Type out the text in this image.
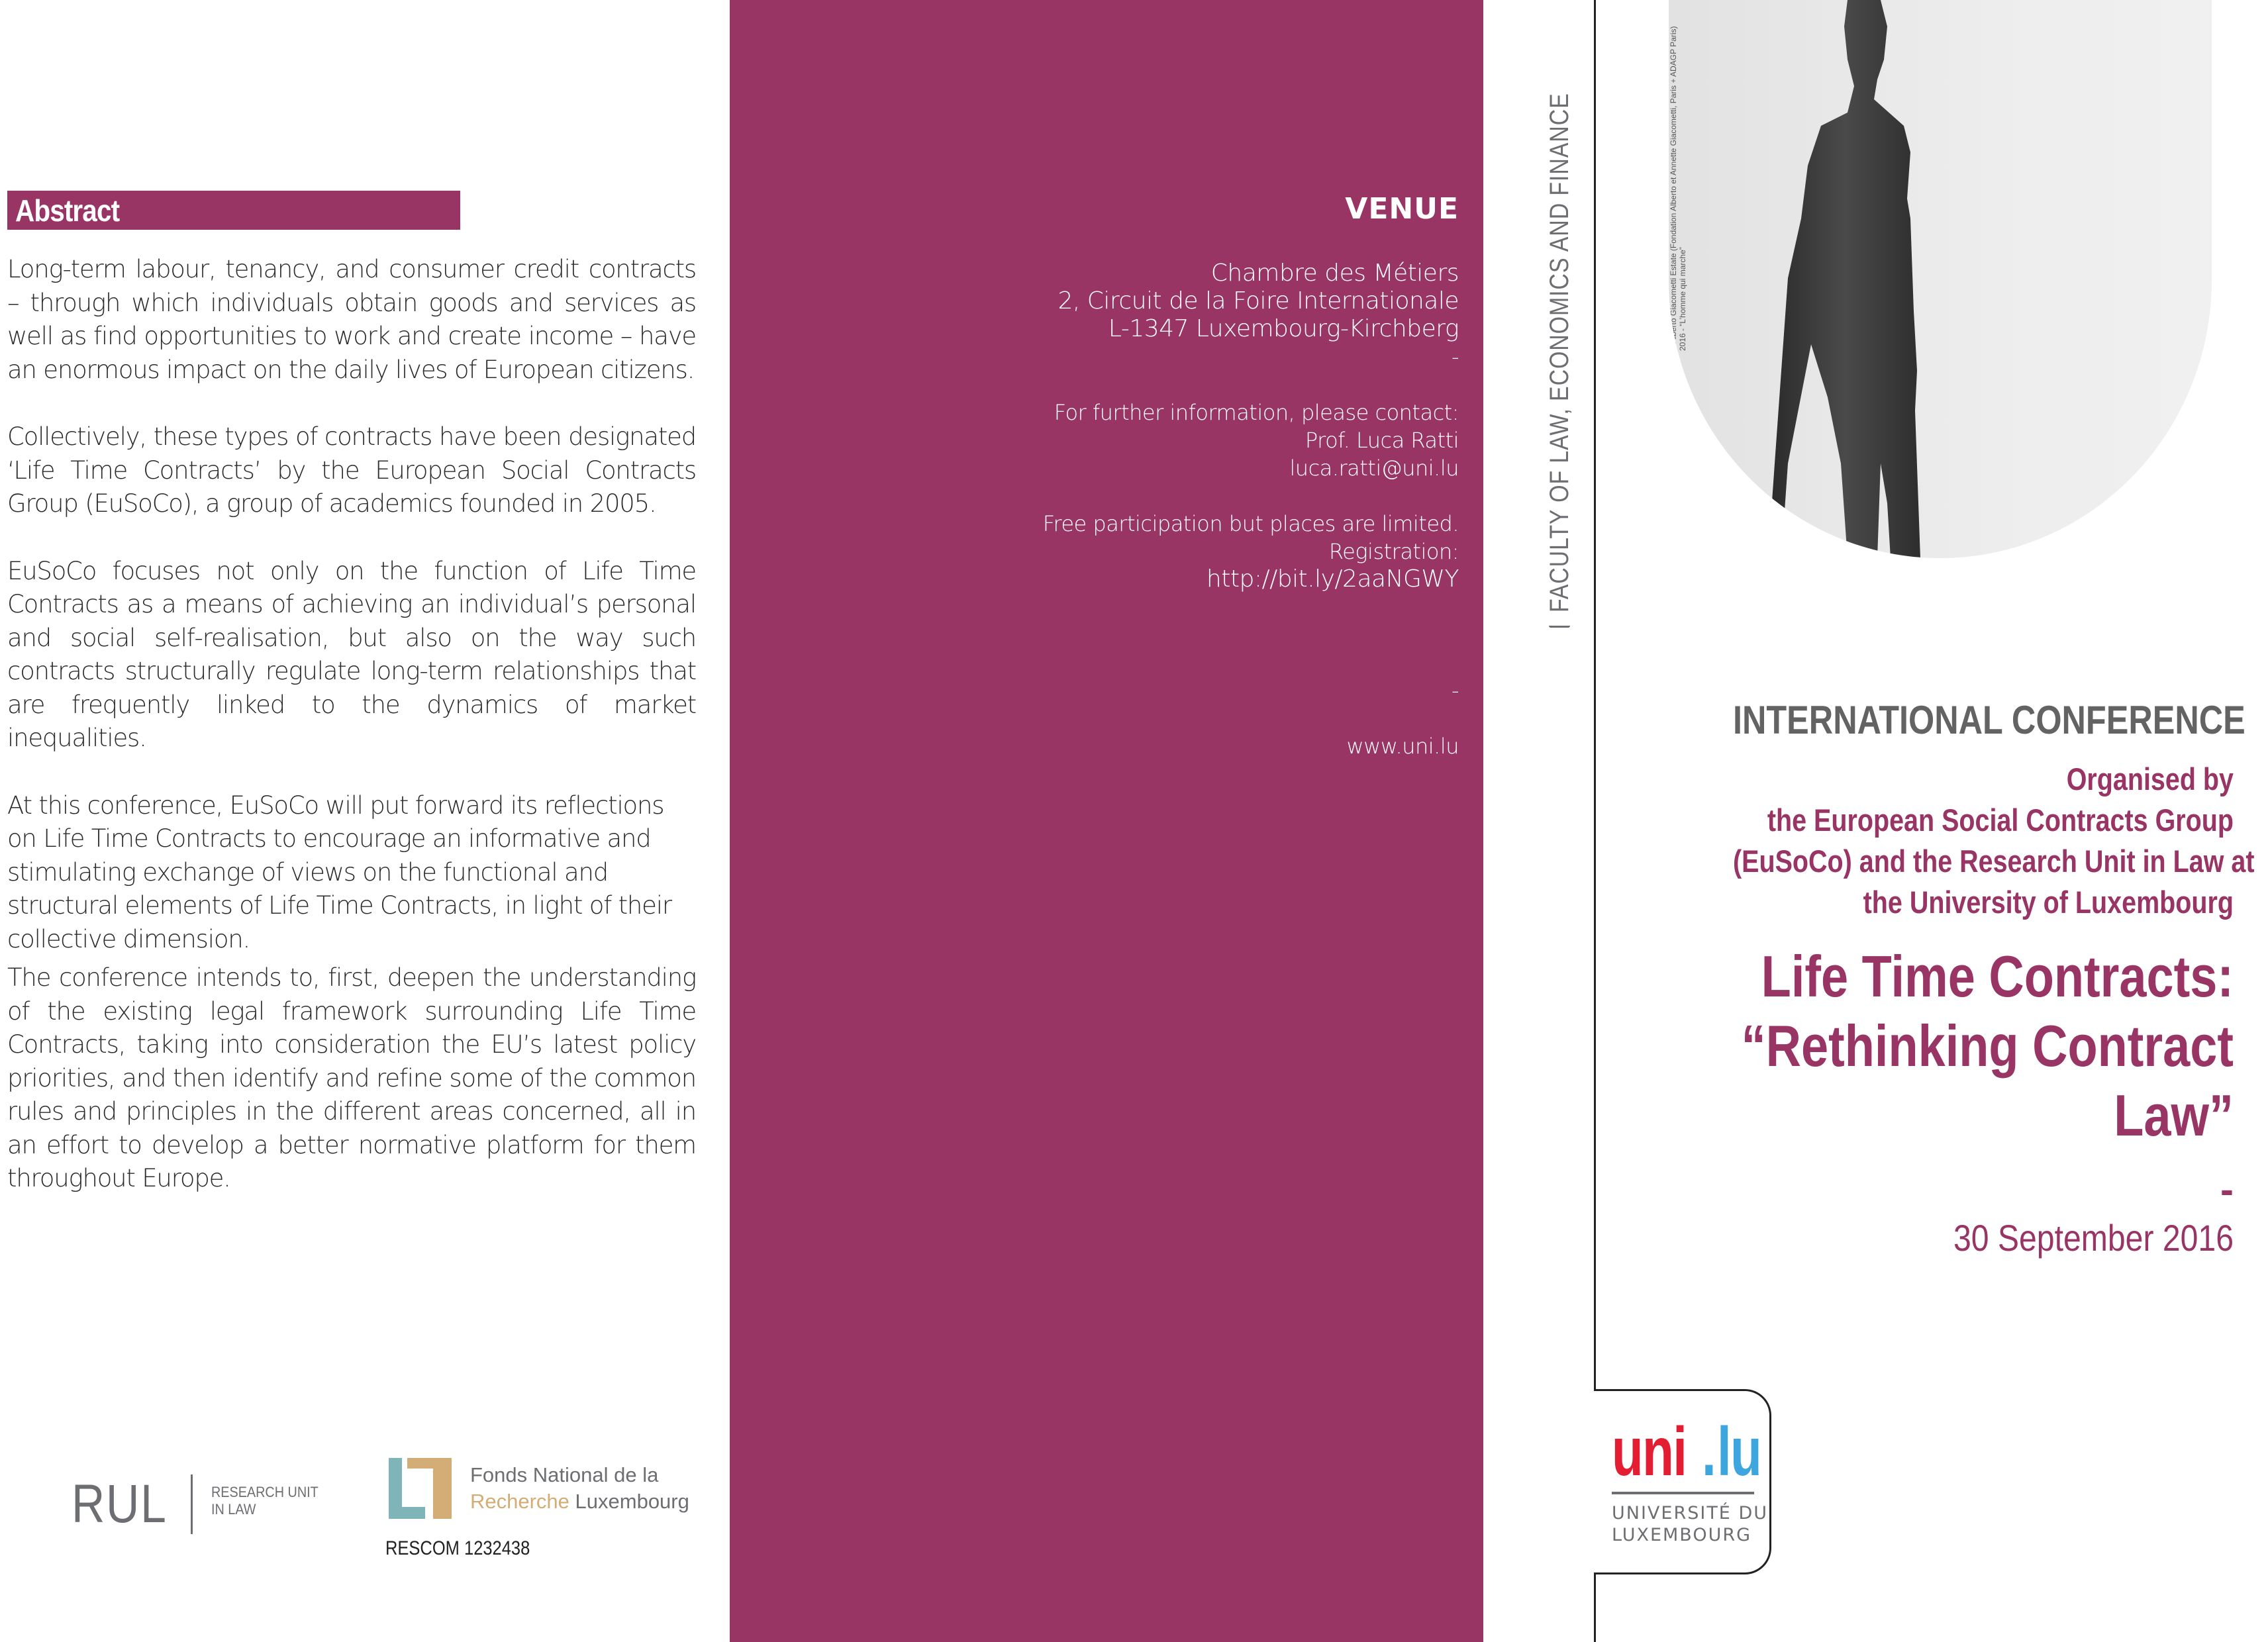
Abstract

Long-term labour, tenancy, and consumer credit contracts – through which individuals obtain goods and services as well as find opportunities to work and create income – have an enormous impact on the daily lives of European citizens.

Collectively, these types of contracts have been designated ‘Life Time Contracts’ by the European Social Contracts Group (EuSoCo), a group of academics founded in 2005.

EuSoCo focuses not only on the function of Life Time Contracts as a means of achieving an individual’s personal and social self-realisation, but also on the way such contracts structurally regulate long-term relationships that are frequently linked to the dynamics of market inequalities.

At this conference, EuSoCo will put forward its reflections on Life Time Contracts to encourage an informative and stimulating exchange of views on the functional and structural elements of Life Time Contracts, in light of their collective dimension.

The conference intends to, first, deepen the understanding of the existing legal framework surrounding Life Time Contracts, taking into consideration the EU’s latest policy priorities, and then identify and refine some of the common rules and principles in the different areas concerned, all in an effort to develop a better normative platform for them throughout Europe.

RUL	RESEARCH UNIT
IN LAW
Fonds National de la
Recherche Luxembourg
RESCOM 1232438
VENUE
Chambre des Métiers
2, Circuit de la Foire Internationale
L-1347 Luxembourg-Kirchberg
-
For further information, please contact:
Prof. Luca Ratti
luca.ratti@uni.lu
Free participation but places are limited.
Registration:
http://bit.ly/2aaNGWY
-
www.uni.lu
FACULTY OF LAW, ECONOMICS AND FINANCE	© Alberto Giacometti Estate (Fondation Alberto et Annette Giacometti, Paris + ADAGP Paris) 2016 - “L’homme qui marche”
INTERNATIONAL CONFERENCE
Organised by
the European Social Contracts Group
(EuSoCo) and the Research Unit in Law at
the University of Luxembourg
Life Time Contracts:
“Rethinking Contract
Law”
-
30 September 2016
uni . lu
UNIVERSITÉ DU
LUXEMBOURG
